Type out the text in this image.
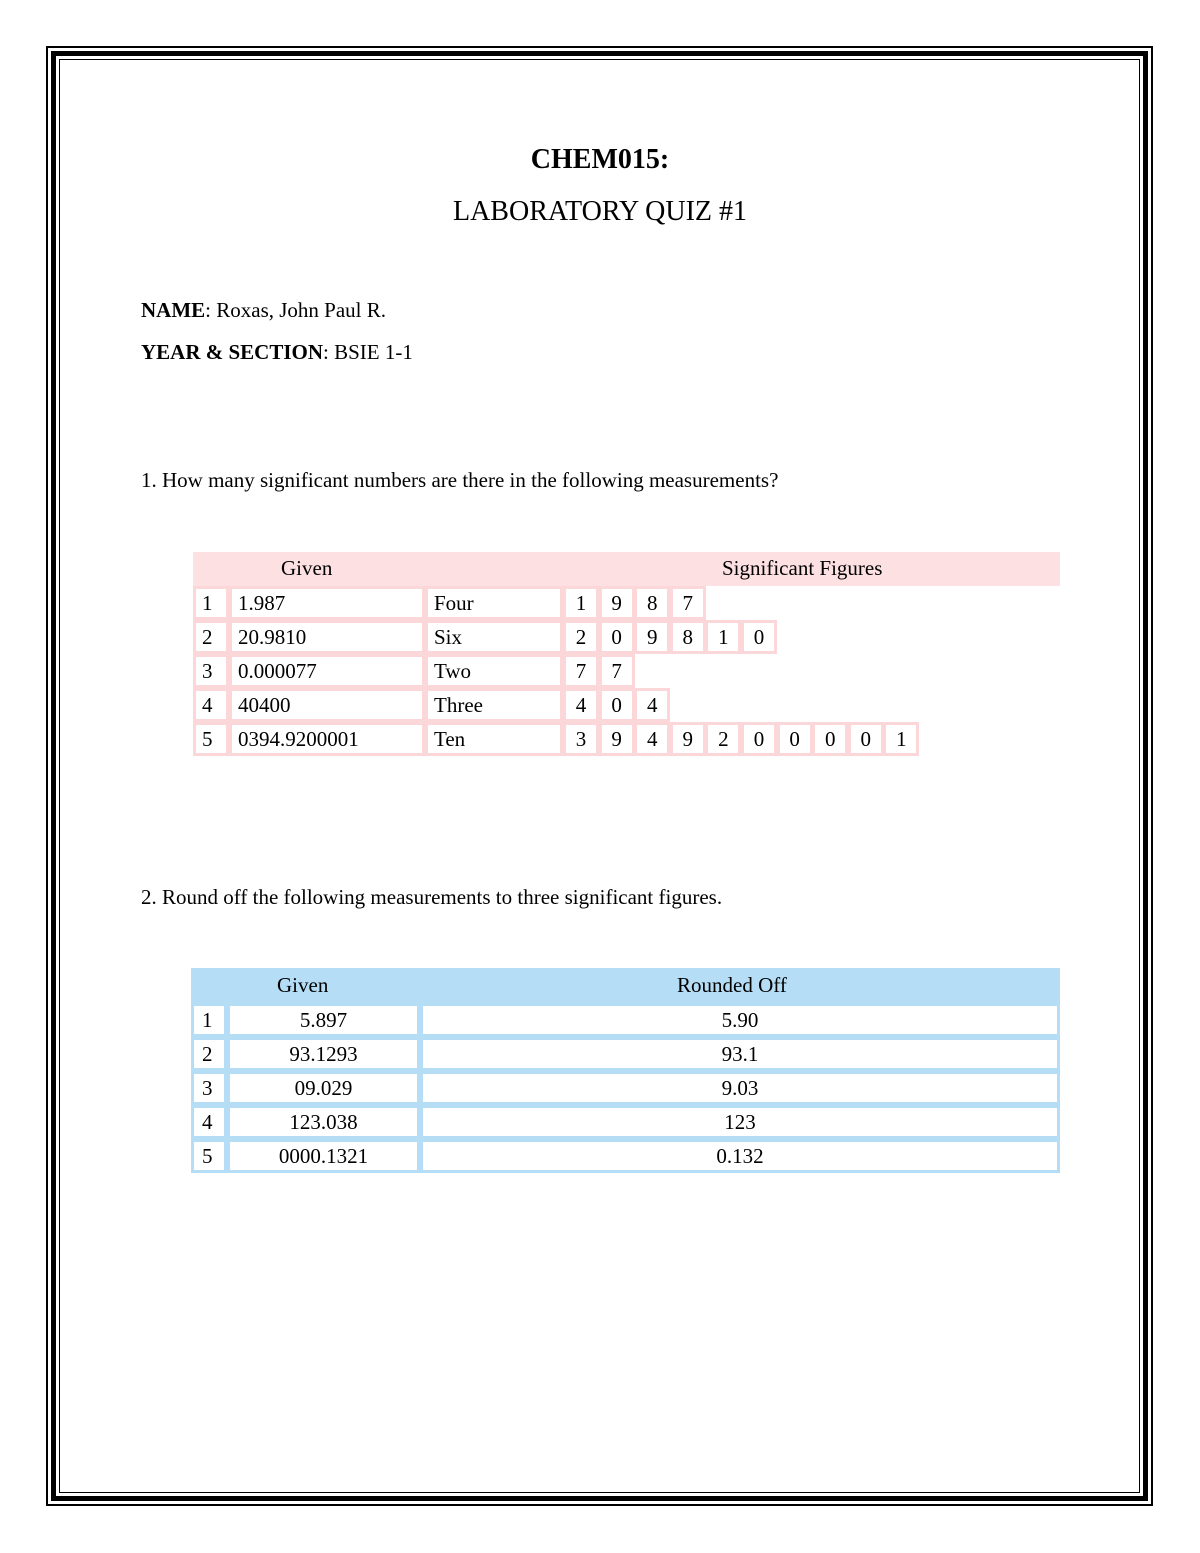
CHEM015:
LABORATORY QUIZ #1
NAME: Roxas, John Paul R.
YEAR & SECTION: BSIE 1-1
1. How many significant numbers are there in the following measurements?
Given	Significant Figures
1	1.987	Four	1	9	8	7
2	20.9810	Six	2	0	9	8	1	0
3	0.000077	Two	7	7
4	40400	Three	4	0	4
5	0394.9200001	Ten	3	9	4	9	2	0	0	0	0	1
2. Round off the following measurements to three significant figures.
Given	Rounded Off
1	5.897	5.90
2	93.1293	93.1
3	09.029	9.03
4	123.038	123
5	0000.1321	0.132
